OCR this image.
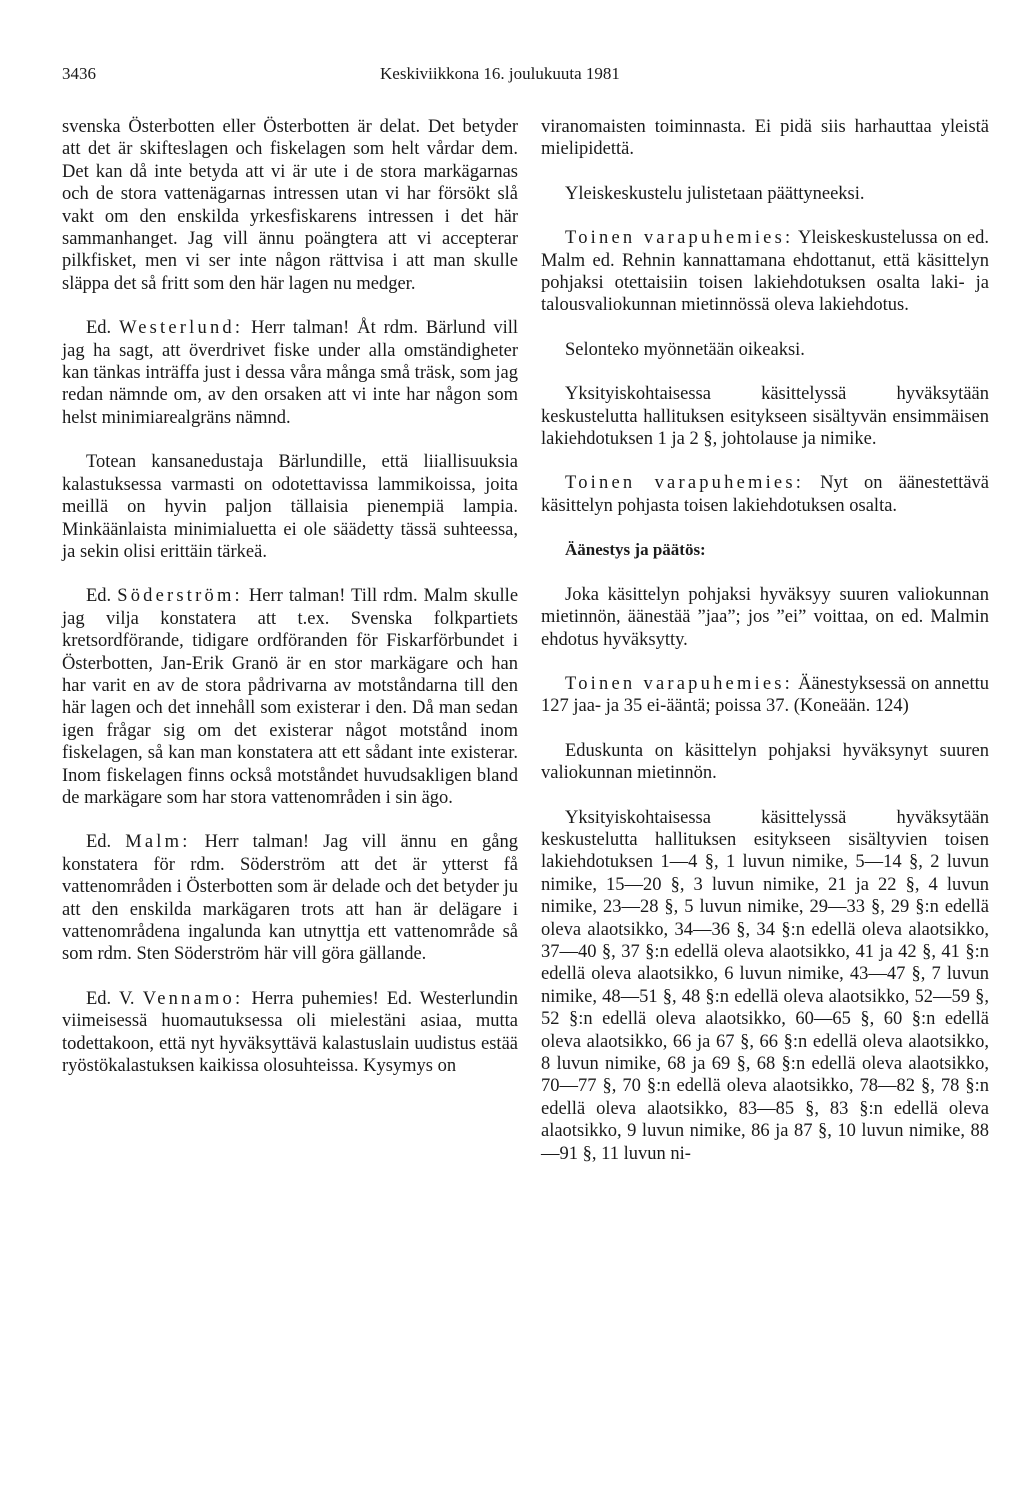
3436	Keskiviikkona 16. joulukuuta 1981

svenska Österbotten eller Österbotten är delat. Det betyder att det är skifteslagen och fiskelagen som helt vårdar dem. Det kan då inte betyda att vi är ute i de stora markägarnas och de stora vattenägarnas intressen utan vi har försökt slå vakt om den enskilda yrkesfiskarens intressen i det här sammanhanget. Jag vill ännu poängtera att vi accepterar pilkfisket, men vi ser inte någon rättvisa i att man skulle släppa det så fritt som den här lagen nu medger.

Ed. Westerlund: Herr talman! Åt rdm. Bärlund vill jag ha sagt, att överdrivet fiske under alla omständigheter kan tänkas inträffa just i dessa våra många små träsk, som jag redan nämnde om, av den orsaken att vi inte har någon som helst minimiarealgräns nämnd.

Totean kansanedustaja Bärlundille, että liiallisuuksia kalastuksessa varmasti on odotettavissa lammikoissa, joita meillä on hyvin paljon tällaisia pienempiä lampia. Minkäänlaista minimialuetta ei ole säädetty tässä suhteessa, ja sekin olisi erittäin tärkeä.

Ed. Söderström: Herr talman! Till rdm. Malm skulle jag vilja konstatera att t.ex. Svenska folkpartiets kretsordförande, tidigare ordföranden för Fiskarförbundet i Österbotten, Jan-Erik Granö är en stor markägare och han har varit en av de stora pådrivarna av motståndarna till den här lagen och det innehåll som existerar i den. Då man sedan igen frågar sig om det existerar något motstånd inom fiskelagen, så kan man konstatera att ett sådant inte existerar. Inom fiskelagen finns också motståndet huvudsakligen bland de markägare som har stora vattenområden i sin ägo.

Ed. Malm: Herr talman! Jag vill ännu en gång konstatera för rdm. Söderström att det är ytterst få vattenområden i Österbotten som är delade och det betyder ju att den enskilda markägaren trots att han är delägare i vattenområdena ingalunda kan utnyttja ett vattenområde så som rdm. Sten Söderström här vill göra gällande.

Ed. V. Vennamo: Herra puhemies! Ed. Westerlundin viimeisessä huomautuksessa oli mielestäni asiaa, mutta todettakoon, että nyt hyväksyttävä kalastuslain uudistus estää ryöstökalastuksen kaikissa olosuhteissa. Kysymys on

viranomaisten toiminnasta. Ei pidä siis harhauttaa yleistä mielipidettä.

Yleiskeskustelu julistetaan päättyneeksi.

Toinen varapuhemies: Yleiskeskustelussa on ed. Malm ed. Rehnin kannattamana ehdottanut, että käsittelyn pohjaksi otettaisiin toisen lakiehdotuksen osalta laki- ja talousvaliokunnan mietinnössä oleva lakiehdotus.

Selonteko myönnetään oikeaksi.

Yksityiskohtaisessa käsittelyssä hyväksytään keskustelutta hallituksen esitykseen sisältyvän ensimmäisen lakiehdotuksen 1 ja 2 §, johtolause ja nimike.

Toinen varapuhemies: Nyt on äänestettävä käsittelyn pohjasta toisen lakiehdotuksen osalta.

Äänestys ja päätös:

Joka käsittelyn pohjaksi hyväksyy suuren valiokunnan mietinnön, äänestää ”jaa”; jos ”ei” voittaa, on ed. Malmin ehdotus hyväksytty.

Toinen varapuhemies: Äänestyksessä on annettu 127 jaa- ja 35 ei-ääntä; poissa 37. (Koneään. 124)

Eduskunta on käsittelyn pohjaksi hyväksynyt suuren valiokunnan mietinnön.

Yksityiskohtaisessa käsittelyssä hyväksytään keskustelutta hallituksen esitykseen sisältyvien toisen lakiehdotuksen 1—4 §, 1 luvun nimike, 5—14 §, 2 luvun nimike, 15—20 §, 3 luvun nimike, 21 ja 22 §, 4 luvun nimike, 23—28 §, 5 luvun nimike, 29—33 §, 29 §:n edellä oleva alaotsikko, 34—36 §, 34 §:n edellä oleva alaotsikko, 37—40 §, 37 §:n edellä oleva alaotsikko, 41 ja 42 §, 41 §:n edellä oleva alaotsikko, 6 luvun nimike, 43—47 §, 7 luvun nimike, 48—51 §, 48 §:n edellä oleva alaotsikko, 52—59 §, 52 §:n edellä oleva alaotsikko, 60—65 §, 60 §:n edellä oleva alaotsikko, 66 ja 67 §, 66 §:n edellä oleva alaotsikko, 8 luvun nimike, 68 ja 69 §, 68 §:n edellä oleva alaotsikko, 70—77 §, 70 §:n edellä oleva alaotsikko, 78—82 §, 78 §:n edellä oleva alaotsikko, 83—85 §, 83 §:n edellä oleva alaotsikko, 9 luvun nimike, 86 ja 87 §, 10 luvun nimike, 88—91 §, 11 luvun ni-
